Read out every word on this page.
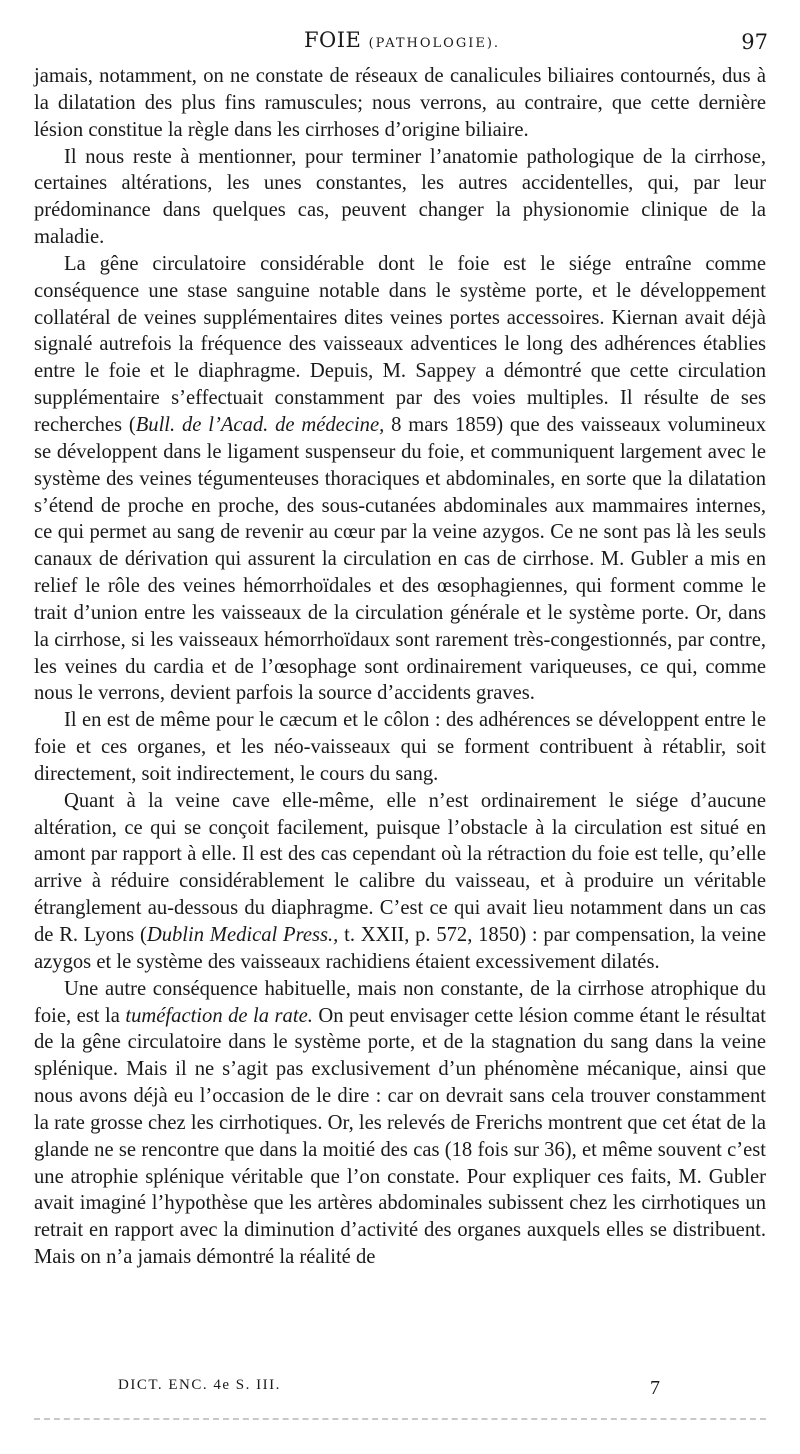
FOIE (PATHOLOGIE).	97

jamais, notamment, on ne constate de réseaux de canalicules biliaires contournés, dus à la dilatation des plus fins ramuscules; nous verrons, au contraire, que cette dernière lésion constitue la règle dans les cirrhoses d’origine biliaire.

Il nous reste à mentionner, pour terminer l’anatomie pathologique de la cirrhose, certaines altérations, les unes constantes, les autres accidentelles, qui, par leur prédominance dans quelques cas, peuvent changer la physionomie clinique de la maladie.

La gêne circulatoire considérable dont le foie est le siége entraîne comme conséquence une stase sanguine notable dans le système porte, et le développement collatéral de veines supplémentaires dites veines portes accessoires. Kiernan avait déjà signalé autrefois la fréquence des vaisseaux adventices le long des adhérences établies entre le foie et le diaphragme. Depuis, M. Sappey a démontré que cette circulation supplémentaire s’effectuait constamment par des voies multiples. Il résulte de ses recherches (Bull. de l’Acad. de médecine, 8 mars 1859) que des vaisseaux volumineux se développent dans le ligament suspenseur du foie, et communiquent largement avec le système des veines tégumenteuses thoraciques et abdominales, en sorte que la dilatation s’étend de proche en proche, des sous-cutanées abdominales aux mammaires internes, ce qui permet au sang de revenir au cœur par la veine azygos. Ce ne sont pas là les seuls canaux de dérivation qui assurent la circulation en cas de cirrhose. M. Gubler a mis en relief le rôle des veines hémorrhoïdales et des œsophagiennes, qui forment comme le trait d’union entre les vaisseaux de la circulation générale et le système porte. Or, dans la cirrhose, si les vaisseaux hémorrhoïdaux sont rarement très-congestionnés, par contre, les veines du cardia et de l’œsophage sont ordinairement variqueuses, ce qui, comme nous le verrons, devient parfois la source d’accidents graves.

Il en est de même pour le cæcum et le côlon : des adhérences se développent entre le foie et ces organes, et les néo-vaisseaux qui se forment contribuent à rétablir, soit directement, soit indirectement, le cours du sang.

Quant à la veine cave elle-même, elle n’est ordinairement le siége d’aucune altération, ce qui se conçoit facilement, puisque l’obstacle à la circulation est situé en amont par rapport à elle. Il est des cas cependant où la rétraction du foie est telle, qu’elle arrive à réduire considérablement le calibre du vaisseau, et à produire un véritable étranglement au-dessous du diaphragme. C’est ce qui avait lieu notamment dans un cas de R. Lyons (Dublin Medical Press., t. XXII, p. 572, 1850) : par compensation, la veine azygos et le système des vaisseaux rachidiens étaient excessivement dilatés.

Une autre conséquence habituelle, mais non constante, de la cirrhose atrophique du foie, est la tuméfaction de la rate. On peut envisager cette lésion comme étant le résultat de la gêne circulatoire dans le système porte, et de la stagnation du sang dans la veine splénique. Mais il ne s’agit pas exclusivement d’un phénomène mécanique, ainsi que nous avons déjà eu l’occasion de le dire : car on devrait sans cela trouver constamment la rate grosse chez les cirrhotiques. Or, les relevés de Frerichs montrent que cet état de la glande ne se rencontre que dans la moitié des cas (18 fois sur 36), et même souvent c’est une atrophie splénique véritable que l’on constate. Pour expliquer ces faits, M. Gubler avait imaginé l’hypothèse que les artères abdominales subissent chez les cirrhotiques un retrait en rapport avec la diminution d’activité des organes auxquels elles se distribuent. Mais on n’a jamais démontré la réalité de

DICT. ENC. 4e S. III.	7
